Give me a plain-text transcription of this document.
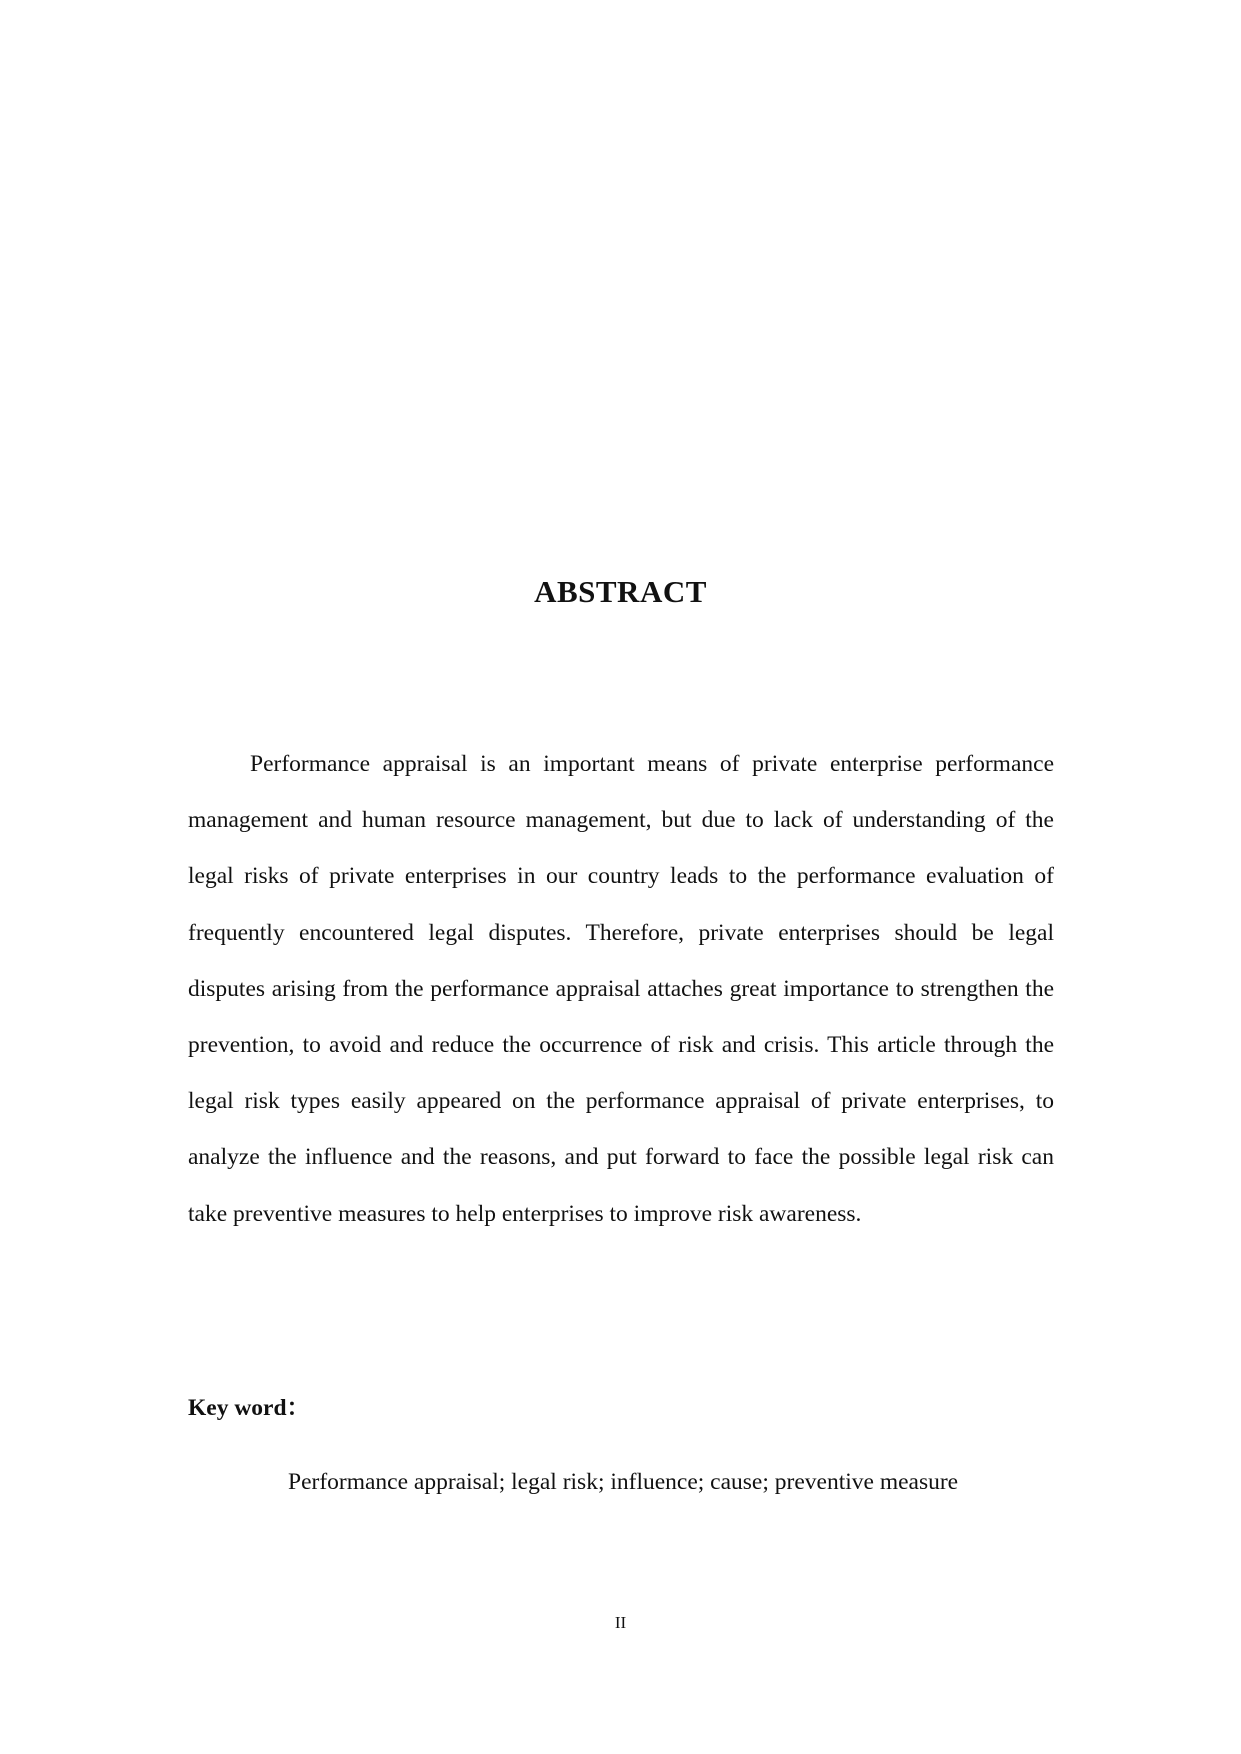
ABSTRACT

Performance appraisal is an important means of private enterprise performance management and human resource management, but due to lack of understanding of the legal risks of private enterprises in our country leads to the performance evaluation of frequently encountered legal disputes. Therefore, private enterprises should be legal disputes arising from the performance appraisal attaches great importance to strengthen the prevention, to avoid and reduce the occurrence of risk and crisis. This article through the legal risk types easily appeared on the performance appraisal of private enterprises, to analyze the influence and the reasons, and put forward to face the possible legal risk can take preventive measures to help enterprises to improve risk awareness.

Key word：

Performance appraisal; legal risk; influence; cause; preventive measure

II
